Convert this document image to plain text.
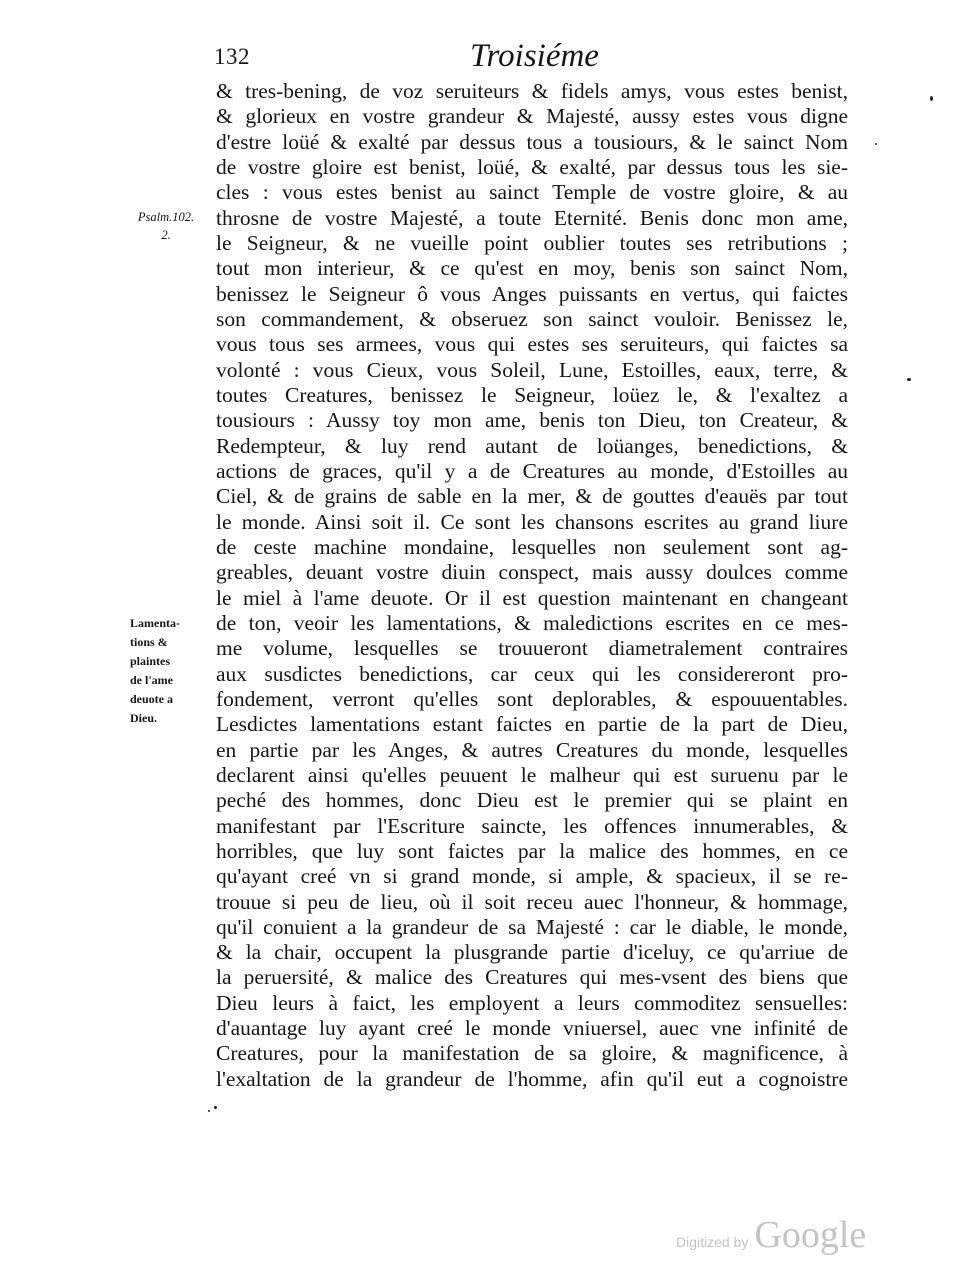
132	Troisiéme
Psalm.102.
2.
Lamenta-
tions &
plaintes
de l'ame
deuote a
Dieu.
& tres-bening, de voz seruiteurs & fidels amys, vous estes benist,
& glorieux en vostre grandeur & Majesté, aussy estes vous digne
d'estre loüé & exalté par dessus tous a tousiours, & le sainct Nom
de vostre gloire est benist, loüé, & exalté, par dessus tous les sie-
cles : vous estes benist au sainct Temple de vostre gloire, & au
throsne de vostre Majesté, a toute Eternité. Benis donc mon ame,
le Seigneur, & ne vueille point oublier toutes ses retributions ;
tout mon interieur, & ce qu'est en moy, benis son sainct Nom,
benissez le Seigneur ô vous Anges puissants en vertus, qui faictes
son commandement, & obseruez son sainct vouloir. Benissez le,
vous tous ses armees, vous qui estes ses seruiteurs, qui faictes sa
volonté : vous Cieux, vous Soleil, Lune, Estoilles, eaux, terre, &
toutes Creatures, benissez le Seigneur, loüez le, & l'exaltez a
tousiours : Aussy toy mon ame, benis ton Dieu, ton Createur, &
Redempteur, & luy rend autant de loüanges, benedictions, &
actions de graces, qu'il y a de Creatures au monde, d'Estoilles au
Ciel, & de grains de sable en la mer, & de gouttes d'eauës par tout
le monde. Ainsi soit il. Ce sont les chansons escrites au grand liure
de ceste machine mondaine, lesquelles non seulement sont ag-
greables, deuant vostre diuin conspect, mais aussy doulces comme
le miel à l'ame deuote. Or il est question maintenant en changeant
de ton, veoir les lamentations, & maledictions escrites en ce mes-
me volume, lesquelles se trouueront diametralement contraires
aux susdictes benedictions, car ceux qui les considereront pro-
fondement, verront qu'elles sont deplorables, & espouuentables.
Lesdictes lamentations estant faictes en partie de la part de Dieu,
en partie par les Anges, & autres Creatures du monde, lesquelles
declarent ainsi qu'elles peuuent le malheur qui est suruenu par le
peché des hommes, donc Dieu est le premier qui se plaint en
manifestant par l'Escriture saincte, les offences innumerables, &
horribles, que luy sont faictes par la malice des hommes, en ce
qu'ayant creé vn si grand monde, si ample, & spacieux, il se re-
trouue si peu de lieu, où il soit receu auec l'honneur, & hommage,
qu'il conuient a la grandeur de sa Majesté : car le diable, le monde,
& la chair, occupent la plusgrande partie d'iceluy, ce qu'arriue de
la peruersité, & malice des Creatures qui mes-vsent des biens que
Dieu leurs à faict, les employent a leurs commoditez sensuelles:
d'auantage luy ayant creé le monde vniuersel, auec vne infinité de
Creatures, pour la manifestation de sa gloire, & magnificence, à
l'exaltation de la grandeur de l'homme, afin qu'il eut a cognoistre
Digitized by Google
